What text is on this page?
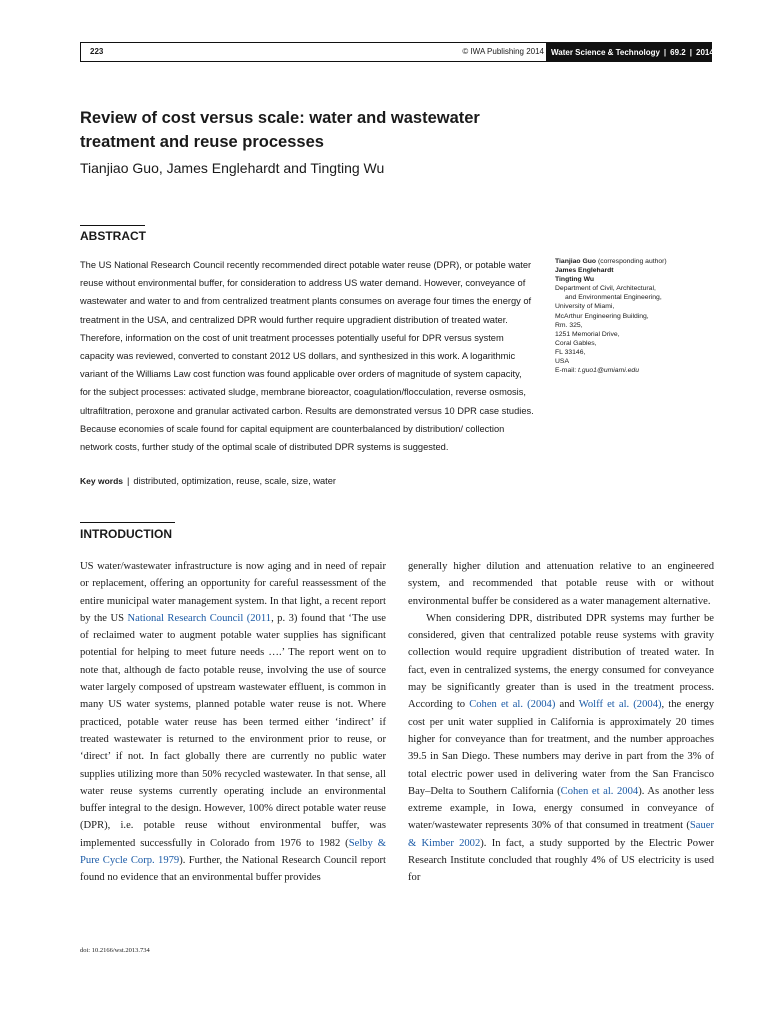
223	© IWA Publishing 2014 Water Science & Technology | 69.2 | 2014
Review of cost versus scale: water and wastewater
treatment and reuse processes
Tianjiao Guo, James Englehardt and Tingting Wu
ABSTRACT
The US National Research Council recently recommended direct potable water reuse (DPR), or potable water reuse without environmental buffer, for consideration to address US water demand. However, conveyance of wastewater and water to and from centralized treatment plants consumes on average four times the energy of treatment in the USA, and centralized DPR would further require upgradient distribution of treated water. Therefore, information on the cost of unit treatment processes potentially useful for DPR versus system capacity was reviewed, converted to constant 2012 US dollars, and synthesized in this work. A logarithmic variant of the Williams Law cost function was found applicable over orders of magnitude of system capacity, for the subject processes: activated sludge, membrane bioreactor, coagulation/flocculation, reverse osmosis, ultrafiltration, peroxone and granular activated carbon. Results are demonstrated versus 10 DPR case studies. Because economies of scale found for capital equipment are counterbalanced by distribution/ collection network costs, further study of the optimal scale of distributed DPR systems is suggested.
Key words | distributed, optimization, reuse, scale, size, water
Tianjiao Guo (corresponding author)
James Englehardt
Tingting Wu
Department of Civil, Architectural,
and Environmental Engineering,
University of Miami,
McArthur Engineering Building,
Rm. 325,
1251 Memorial Drive,
Coral Gables,
FL 33146,
USA
E-mail: t.guo1@umiami.edu
INTRODUCTION

US water/wastewater infrastructure is now aging and in need of repair or replacement, offering an opportunity for careful reassessment of the entire municipal water management system. In that light, a recent report by the US National Research Council (2011, p. 3) found that ‘The use of reclaimed water to augment potable water supplies has significant potential for helping to meet future needs ….’ The report went on to note that, although de facto potable reuse, involving the use of source water largely composed of upstream wastewater effluent, is common in many US water systems, planned potable water reuse is not. Where practiced, potable water reuse has been termed either ‘indirect’ if treated wastewater is returned to the environment prior to reuse, or ‘direct’ if not. In fact globally there are currently no public water supplies utilizing more than 50% recycled wastewater. In that sense, all water reuse systems currently operating include an environmental buffer integral to the design. However, 100% direct potable water reuse (DPR), i.e. potable reuse without environmental buffer, was implemented successfully in Colorado from 1976 to 1982 (Selby & Pure Cycle Corp. 1979). Further, the National Research Council report found no evidence that an environmental buffer provides

generally higher dilution and attenuation relative to an engineered system, and recommended that potable reuse with or without environmental buffer be considered as a water management alternative.

When considering DPR, distributed DPR systems may further be considered, given that centralized potable reuse systems with gravity collection would require upgradient distribution of treated water. In fact, even in centralized systems, the energy consumed for conveyance may be significantly greater than is used in the treatment process. According to Cohen et al. (2004) and Wolff et al. (2004), the energy cost per unit water supplied in California is approximately 20 times higher for conveyance than for treatment, and the number approaches 39.5 in San Diego. These numbers may derive in part from the 3% of total electric power used in delivering water from the San Francisco Bay–Delta to Southern California (Cohen et al. 2004). As another less extreme example, in Iowa, energy consumed in conveyance of water/wastewater represents 30% of that consumed in treatment (Sauer & Kimber 2002). In fact, a study supported by the Electric Power Research Institute concluded that roughly 4% of US electricity is used for

doi: 10.2166/wst.2013.734
